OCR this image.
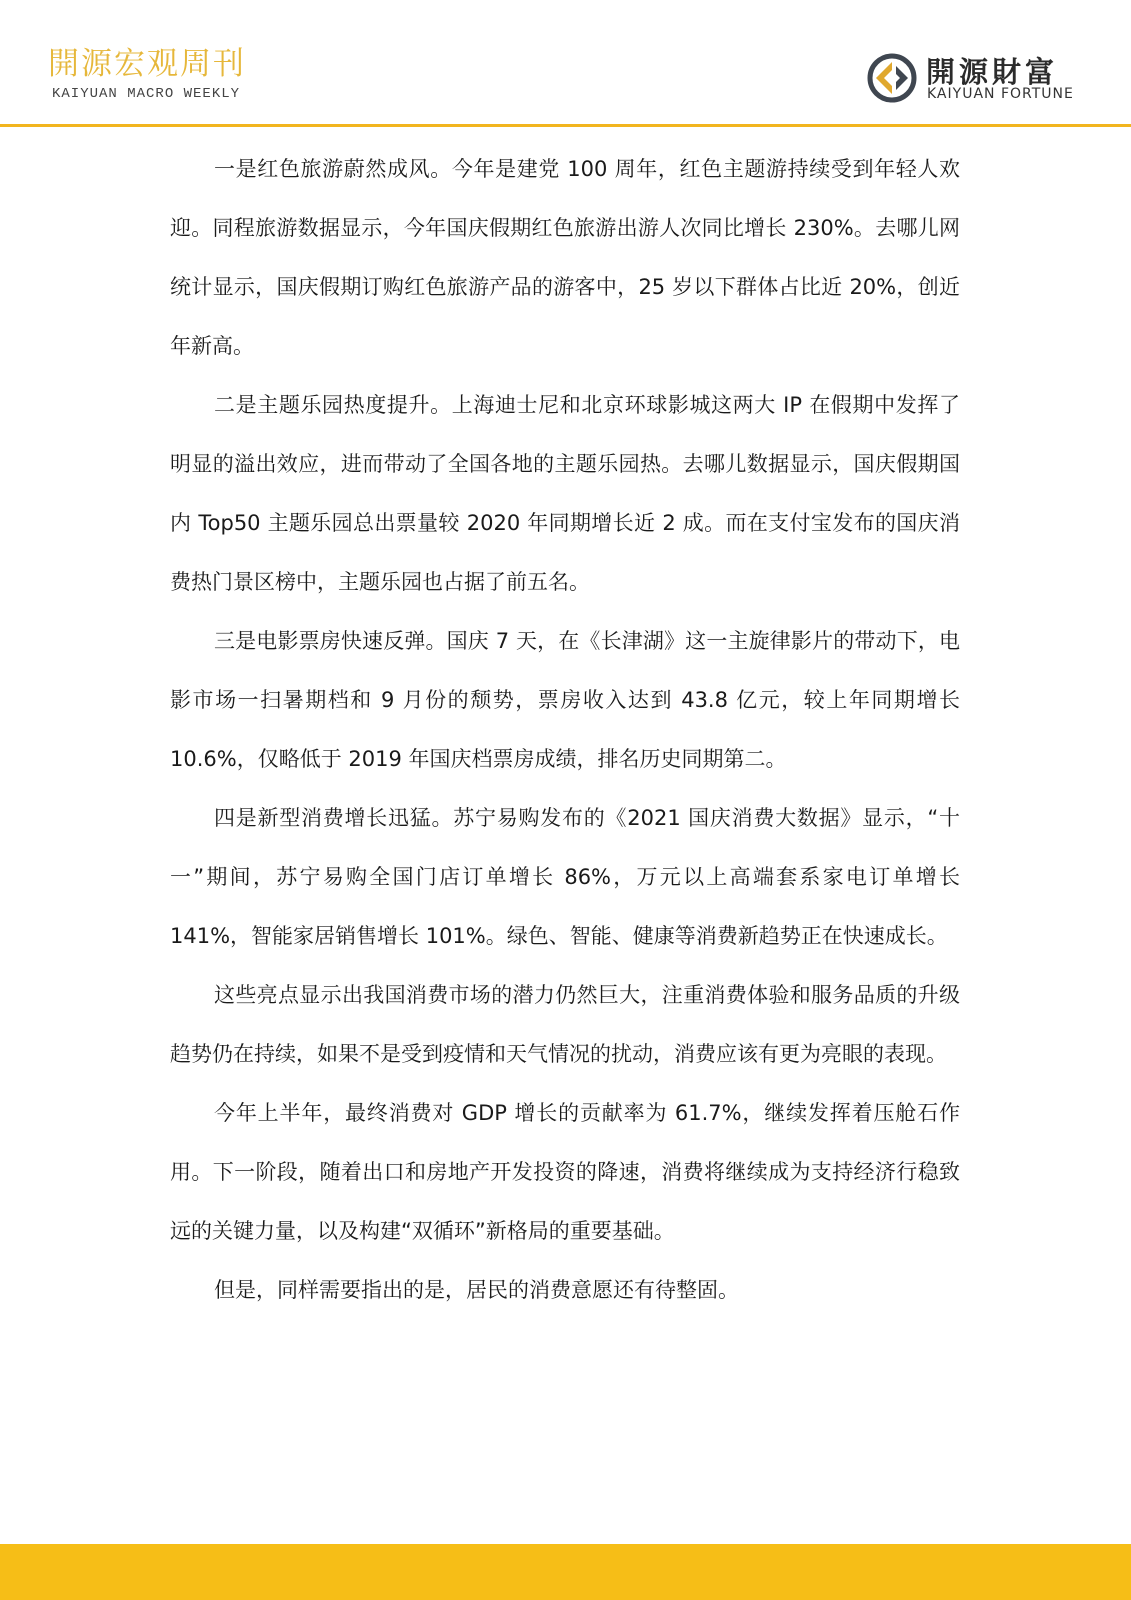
開源宏观周刊
KAIYUAN MACRO WEEKLY
開源財富
KAIYUAN FORTUNE

一是红色旅游蔚然成风。今年是建党 100 周年，红色主题游持续受到年轻人欢迎。同程旅游数据显示，今年国庆假期红色旅游出游人次同比增长 230%。去哪儿网统计显示，国庆假期订购红色旅游产品的游客中，25 岁以下群体占比近 20%，创近年新高。

二是主题乐园热度提升。上海迪士尼和北京环球影城这两大 IP 在假期中发挥了明显的溢出效应，进而带动了全国各地的主题乐园热。去哪儿数据显示，国庆假期国内 Top50 主题乐园总出票量较 2020 年同期增长近 2 成。而在支付宝发布的国庆消费热门景区榜中，主题乐园也占据了前五名。

三是电影票房快速反弹。国庆 7 天，在《长津湖》这一主旋律影片的带动下，电影市场一扫暑期档和 9 月份的颓势，票房收入达到 43.8 亿元，较上年同期增长 10.6%，仅略低于 2019 年国庆档票房成绩，排名历史同期第二。

四是新型消费增长迅猛。苏宁易购发布的《2021 国庆消费大数据》显示，“十一”期间，苏宁易购全国门店订单增长 86%，万元以上高端套系家电订单增长 141%，智能家居销售增长 101%。绿色、智能、健康等消费新趋势正在快速成长。

这些亮点显示出我国消费市场的潜力仍然巨大，注重消费体验和服务品质的升级趋势仍在持续，如果不是受到疫情和天气情况的扰动，消费应该有更为亮眼的表现。

今年上半年，最终消费对 GDP 增长的贡献率为 61.7%，继续发挥着压舱石作用。下一阶段，随着出口和房地产开发投资的降速，消费将继续成为支持经济行稳致远的关键力量，以及构建“双循环”新格局的重要基础。

但是，同样需要指出的是，居民的消费意愿还有待整固。
